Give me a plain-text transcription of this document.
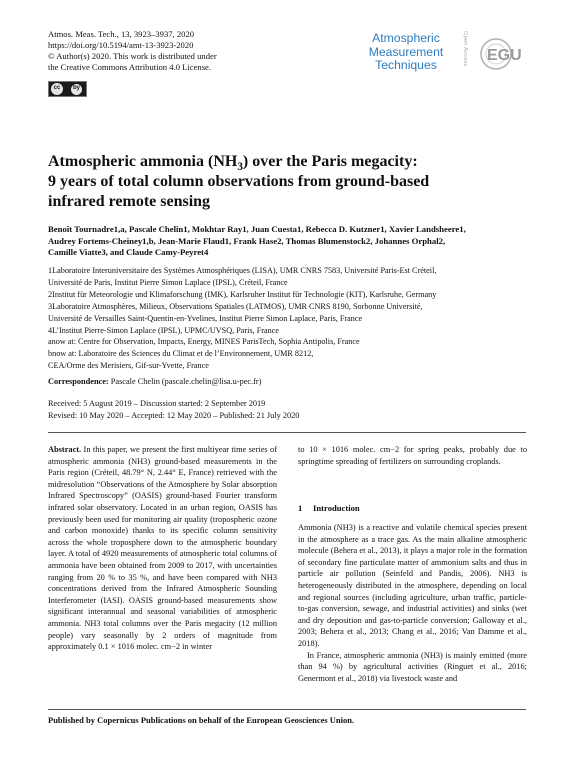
Atmos. Meas. Tech., 13, 3923–3937, 2020
https://doi.org/10.5194/amt-13-3923-2020
© Author(s) 2020. This work is distributed under
the Creative Commons Attribution 4.0 License.
cc	by
Atmospheric
Measurement
Techniques	Open Access EGU
Atmospheric ammonia $(NH_3)$ over the Paris megacity:
9 years of total column observations from ground-based
infrared remote sensing
Benoît Tournadre1,a, Pascale Chelin1, Mokhtar Ray1, Juan Cuesta1, Rebecca D. Kutzner1, Xavier Landsheere1,
Audrey Fortems-Cheiney1,b, Jean-Marie Flaud1, Frank Hase2, Thomas Blumenstock2, Johannes Orphal2,
Camille Viatte3, and Claude Camy-Peyret4
1Laboratoire Interuniversitaire des Systèmes Atmosphériques (LISA), UMR CNRS 7583, Université Paris-Est Créteil,
Université de Paris, Institut Pierre Simon Laplace (IPSL), Créteil, France
2Institut für Meteorologie und Klimaforschung (IMK), Karlsruher Institut für Technologie (KIT), Karlsruhe, Germany
3Laboratoire Atmosphères, Milieux, Observations Spatiales (LATMOS), UMR CNRS 8190, Sorbonne Université,
Université de Versailles Saint-Quentin-en-Yvelines, Institut Pierre Simon Laplace, Paris, France
4L’Institut Pierre-Simon Laplace (IPSL), UPMC/UVSQ, Paris, France
anow at: Centre for Observation, Impacts, Energy, MINES ParisTech, Sophia Antipolis, France
bnow at: Laboratoire des Sciences du Climat et de l’Environnement, UMR 8212,
CEA/Orme des Merisiers, Gif-sur-Yvette, France
Correspondence: Pascale Chelin (pascale.chelin@lisa.u-pec.fr)
Received: 5 August 2019 – Discussion started: 2 September 2019
Revised: 10 May 2020 – Accepted: 12 May 2020 – Published: 21 July 2020
Abstract. In this paper, we present the first multiyear time series of atmospheric ammonia (NH3) ground-based measurements in the Paris region (Créteil, 48.79° N, 2.44° E, France) retrieved with the midresolution “Observations of the Atmosphere by Solar absorption Infrared Spectroscopy” (OASIS) ground-based Fourier transform infrared solar observatory. Located in an urban region, OASIS has previously been used for monitoring air quality (tropospheric ozone and carbon monoxide) thanks to its specific column sensitivity across the whole troposphere down to the atmospheric boundary layer. A total of 4920 measurements of atmospheric total columns of ammonia have been obtained from 2009 to 2017, with uncertainties ranging from 20 % to 35 %, and have been compared with NH3 concentrations derived from the Infrared Atmospheric Sounding Interferometer (IASI). OASIS ground-based measurements show significant interannual and seasonal variabilities of atmospheric ammonia. NH3 total columns over the Paris megacity (12 million people) vary seasonally by 2 orders of magnitude from approximately 0.1 × 1016 molec. cm−2 in winter
to 10 × 1016 molec. cm−2 for spring peaks, probably due to springtime spreading of fertilizers on surrounding croplands.
1 Introduction
Ammonia (NH3) is a reactive and volatile chemical species present in the atmosphere as a trace gas. As the main alkaline atmospheric molecule (Behera et al., 2013), it plays a major role in the formation of secondary fine particulate matter of ammonium salts and thus in particle air pollution (Seinfeld and Pandis, 2006). NH3 is heterogeneously distributed in the atmosphere, depending on local and regional sources (including agriculture, urban traffic, particle-to-gas conversion, sewage, and industrial activities) and sinks (wet and dry deposition and gas-to-particle conversion; Galloway et al., 2003; Behera et al., 2013; Chang et al., 2016; Van Damme et al., 2018).
In France, atmospheric ammonia (NH3) is mainly emitted (more than 94 %) by agricultural activities (Ringuet et al., 2016; Genermont et al., 2018) via livestock waste and
Published by Copernicus Publications on behalf of the European Geosciences Union.
